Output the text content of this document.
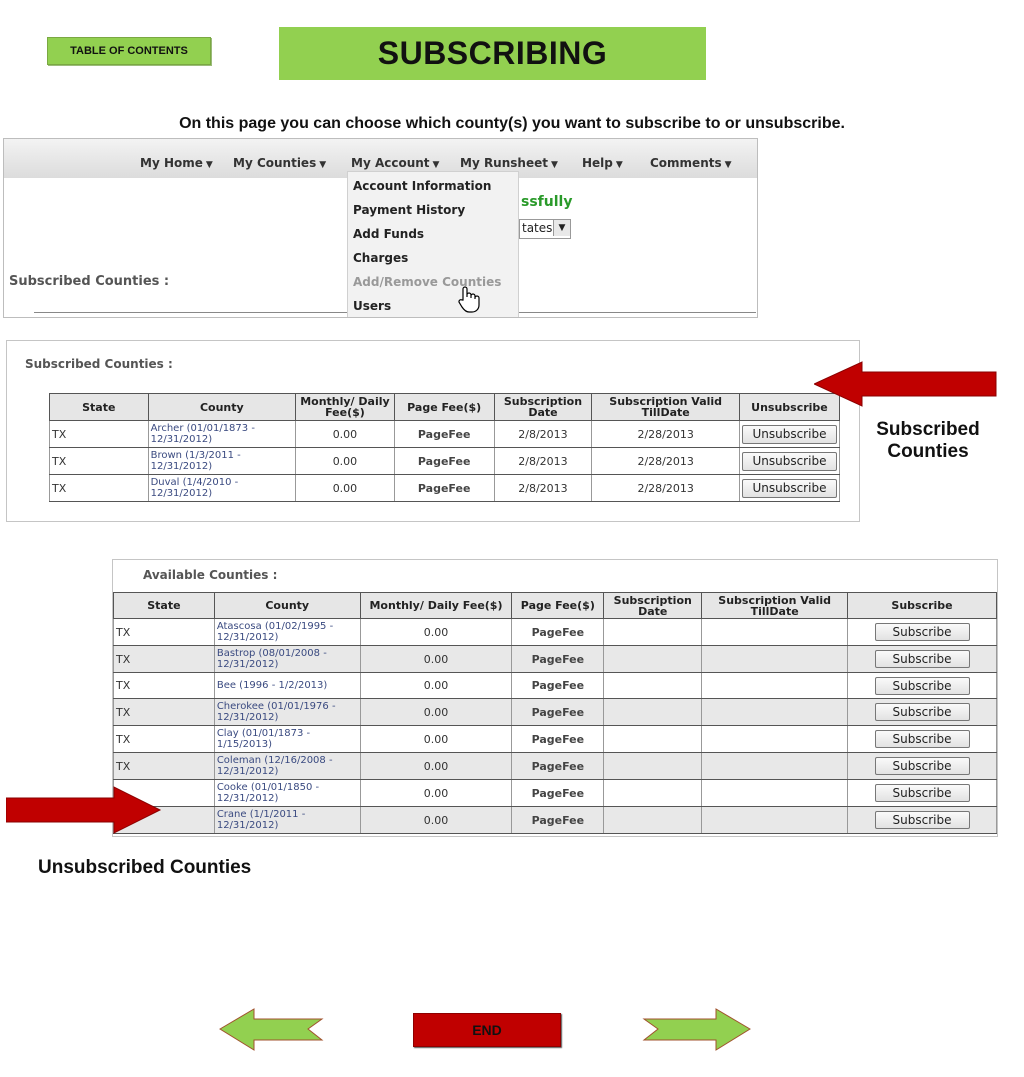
TABLE OF CONTENTS	SUBSCRIBING
On this page you can choose which county(s) you want to subscribe to or unsubscribe.
My Home ▼ My Counties ▼ My Account ▼ My Runsheet ▼ Help ▼ Comments ▼
ssfully
tates ▼
Subscribed Counties :
Account Information
Payment History
Add Funds
Charges
Add/Remove Counties
Users
Subscribed Counties :
State	County	Monthly/ Daily Fee($)	Page Fee($)	Subscription Date	Subscription Valid TillDate	Unsubscribe
TX	Archer (01/01/1873 - 12/31/2012)	0.00	PageFee	2/8/2013	2/28/2013	Unsubscribe
TX	Brown (1/3/2011 - 12/31/2012)	0.00	PageFee	2/8/2013	2/28/2013	Unsubscribe
TX	Duval (1/4/2010 - 12/31/2012)	0.00	PageFee	2/8/2013	2/28/2013	Unsubscribe
Subscribed Counties
Available Counties :
State	County	Monthly/ Daily Fee($)	Page Fee($)	Subscription Date	Subscription Valid TillDate	Subscribe
TX	Atascosa (01/02/1995 - 12/31/2012)	0.00	PageFee			Subscribe
TX	Bastrop (08/01/2008 - 12/31/2012)	0.00	PageFee			Subscribe
TX	Bee (1996 - 1/2/2013)	0.00	PageFee			Subscribe
TX	Cherokee (01/01/1976 - 12/31/2012)	0.00	PageFee			Subscribe
TX	Clay (01/01/1873 - 1/15/2013)	0.00	PageFee			Subscribe
TX	Coleman (12/16/2008 - 12/31/2012)	0.00	PageFee			Subscribe
	Cooke (01/01/1850 - 12/31/2012)	0.00	PageFee			Subscribe
	Crane (1/1/2011 - 12/31/2012)	0.00	PageFee			Subscribe
Unsubscribed Counties
END
